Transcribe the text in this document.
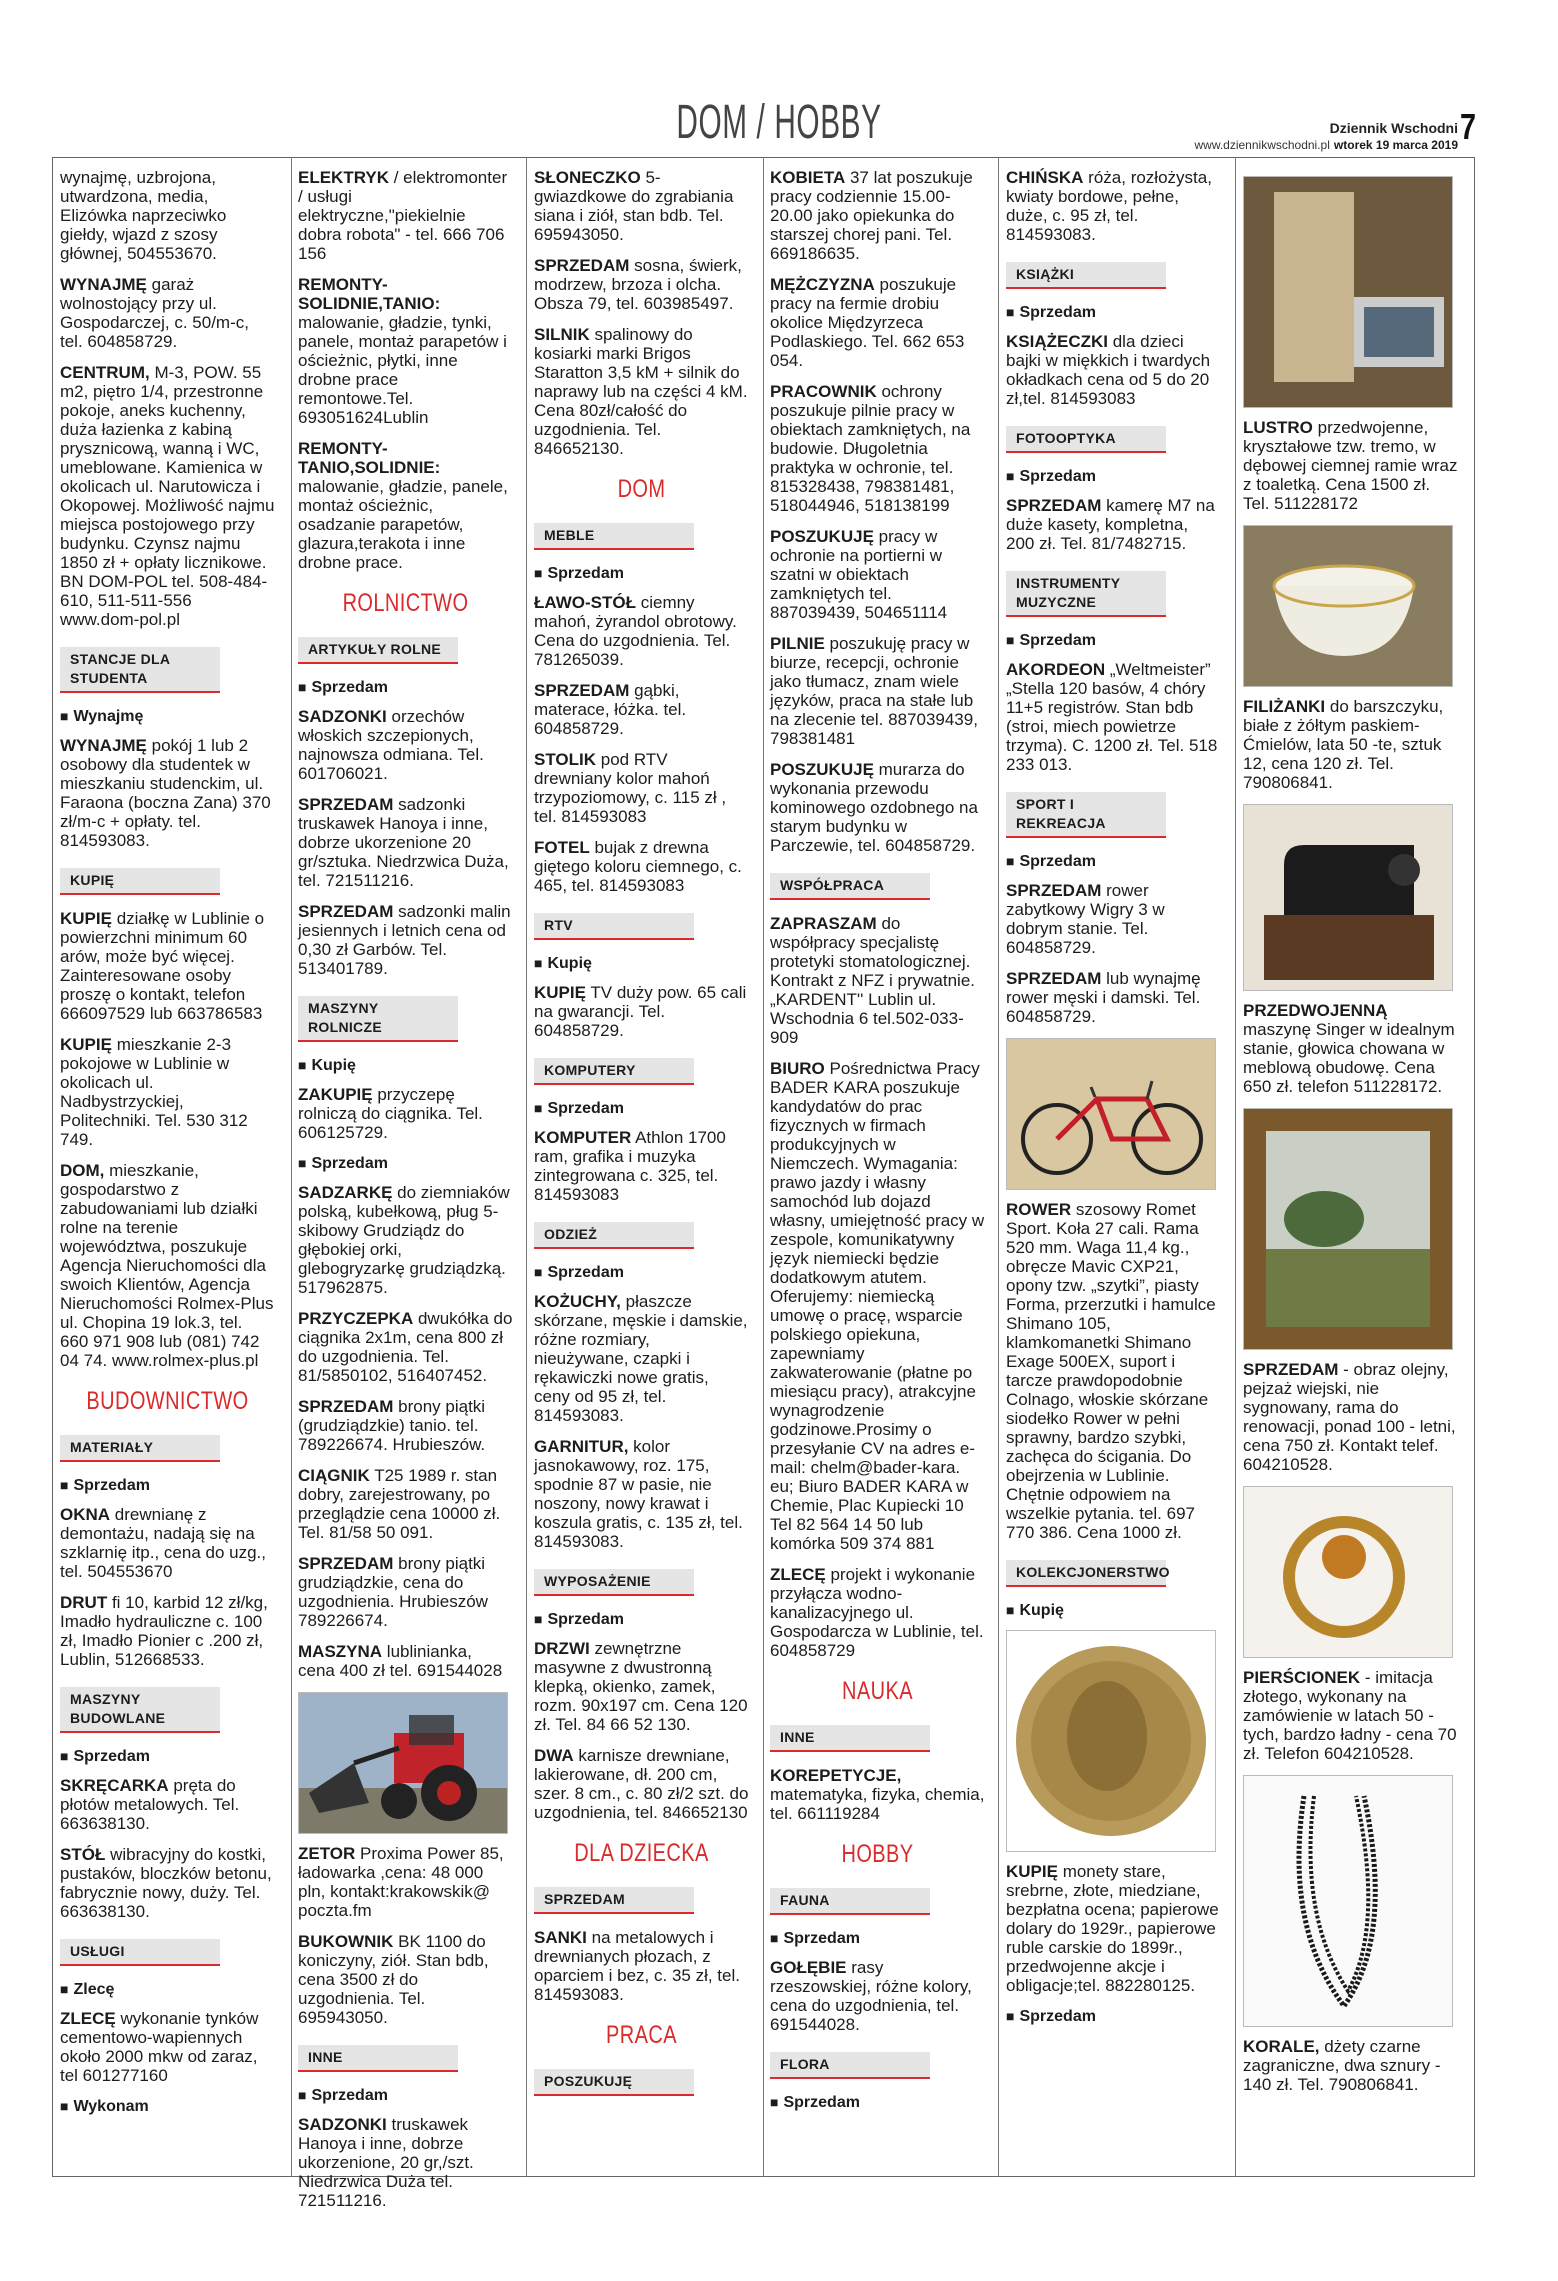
DOM / HOBBY	7
Dziennik Wschodni
www.dziennikwschodni.pl wtorek 19 marca 2019
wynajmę, uzbrojona, utwardzona, media, Elizówka naprzeciwko giełdy, wjazd z szosy głównej, 504553670.
WYNAJMĘ garaż wolnostojący przy ul. Gospodarczej, c. 50/m-c, tel. 604858729.
CENTRUM, M-3, POW. 55 m2, piętro 1/4, przestronne pokoje, aneks kuchenny, duża łazienka z kabiną prysznicową, wanną i WC, umeblowane. Kamienica w okolicach ul. Narutowicza i Okopowej. Możliwość najmu miejsca postojowego przy budynku. Czynsz najmu 1850 zł + opłaty licznikowe. BN DOM-POL tel. 508-484-610, 511-511-556 www.dom-pol.pl
STANCJE DLA STUDENTA
■ Wynajmę
WYNAJMĘ pokój 1 lub 2 osobowy dla studentek w mieszkaniu studenckim, ul. Faraona (boczna Zana) 370 zł/m-c + opłaty. tel. 814593083.
KUPIĘ
KUPIĘ działkę w Lublinie o powierzchni minimum 60 arów, może być więcej. Zainteresowane osoby proszę o kontakt, telefon 666097529 lub 663786583
KUPIĘ mieszkanie 2-3 pokojowe w Lublinie w okolicach ul. Nadbystrzyckiej, Politechniki. Tel. 530 312 749.
DOM, mieszkanie, gospodarstwo z zabudowaniami lub działki rolne na terenie województwa, poszukuje Agencja Nieruchomości dla swoich Klientów, Agencja Nieruchomości Rolmex-Plus ul. Chopina 19 lok.3, tel. 660 971 908 lub (081) 742 04 74. www.rolmex-plus.pl
BUDOWNICTWO
MATERIAŁY
■ Sprzedam
OKNA drewnianę z demontażu, nadają się na szklarnię itp., cena do uzg., tel. 504553670
DRUT fi 10, karbid 12 zł/kg, Imadło hydrauliczne c. 100 zł, Imadło Pionier c .200 zł, Lublin, 512668533.
MASZYNY BUDOWLANE
■ Sprzedam
SKRĘCARKA pręta do płotów metalowych. Tel. 663638130.
STÓŁ wibracyjny do kostki, pustaków, bloczków betonu, fabrycznie nowy, duży. Tel. 663638130.
USŁUGI
■ Zlecę
ZLECĘ wykonanie tynków cementowo-wapiennych około 2000 mkw od zaraz, tel 601277160
■ Wykonam
ELEKTRYK / elektromonter / usługi elektryczne,"piekielnie dobra robota" - tel. 666 706 156
REMONTY-SOLIDNIE,TANIO: malowanie, gładzie, tynki, panele, montaż parapetów i ościeżnic, płytki, inne drobne prace remontowe.Tel. 693051624Lublin
REMONTY-TANIO,SOLIDNIE: malowanie, gładzie, panele, montaż ościeżnic, osadzanie parapetów, glazura,terakota i inne drobne prace.
ROLNICTWO
ARTYKUŁY ROLNE
■ Sprzedam
SADZONKI orzechów włoskich szczepionych, najnowsza odmiana. Tel. 601706021.
SPRZEDAM sadzonki truskawek Hanoya i inne, dobrze ukorzenione 20 gr/sztuka. Niedrzwica Duża, tel. 721511216.
SPRZEDAM sadzonki malin jesiennych i letnich cena od 0,30 zł Garbów. Tel. 513401789.
MASZYNY ROLNICZE
■ Kupię
ZAKUPIĘ przyczepę rolniczą do ciągnika. Tel. 606125729.
■ Sprzedam
SADZARKĘ do ziemniaków polską, kubełkową, pług 5-skibowy Grudziądz do głębokiej orki, glebogryzarkę grudziądzką. 517962875.
PRZYCZEPKA dwukółka do ciągnika 2x1m, cena 800 zł do uzgodnienia. Tel. 81/5850102, 516407452.
SPRZEDAM brony piątki (grudziądzkie) tanio. tel. 789226674. Hrubieszów.
CIĄGNIK T25 1989 r. stan dobry, zarejestrowany, po przeglądzie cena 10000 zł. Tel. 81/58 50 091.
SPRZEDAM brony piątki grudziądzkie, cena do uzgodnienia. Hrubieszów 789226674.
MASZYNA lublinianka, cena 400 zł tel. 691544028
ZETOR Proxima Power 85, ładowarka ,cena: 48 000 pln, kontakt:krakowskik@ poczta.fm
BUKOWNIK BK 1100 do koniczyny, ziół. Stan bdb, cena 3500 zł do uzgodnienia. Tel. 695943050.
INNE
■ Sprzedam
SADZONKI truskawek Hanoya i inne, dobrze ukorzenione, 20 gr,/szt. Niedrzwica Duża tel. 721511216.
SŁONECZKO 5-gwiazdkowe do zgrabiania siana i ziół, stan bdb. Tel. 695943050.
SPRZEDAM sosna, świerk, modrzew, brzoza i olcha. Obsza 79, tel. 603985497.
SILNIK spalinowy do kosiarki marki Brigos Staratton 3,5 kM + silnik do naprawy lub na części 4 kM. Cena 80zł/całość do uzgodnienia. Tel. 846652130.
DOM
MEBLE
■ Sprzedam
ŁAWO-STÓŁ ciemny mahoń, żyrandol obrotowy. Cena do uzgodnienia. Tel. 781265039.
SPRZEDAM gąbki, materace, łóżka. tel. 604858729.
STOLIK pod RTV drewniany kolor mahoń trzypoziomowy, c. 115 zł , tel. 814593083
FOTEL bujak z drewna giętego koloru ciemnego, c. 465, tel. 814593083
RTV
■ Kupię
KUPIĘ TV duży pow. 65 cali na gwarancji. Tel. 604858729.
KOMPUTERY
■ Sprzedam
KOMPUTER Athlon 1700 ram, grafika i muzyka zintegrowana c. 325, tel. 814593083
ODZIEŻ
■ Sprzedam
KOŻUCHY, płaszcze skórzane, męskie i damskie, różne rozmiary, nieużywane, czapki i rękawiczki nowe gratis, ceny od 95 zł, tel. 814593083.
GARNITUR, kolor jasnokawowy, roz. 175, spodnie 87 w pasie, nie noszony, nowy krawat i koszula gratis, c. 135 zł, tel. 814593083.
WYPOSAŻENIE
■ Sprzedam
DRZWI zewnętrzne masywne z dwustronną klepką, okienko, zamek, rozm. 90x197 cm. Cena 120 zł. Tel. 84 66 52 130.
DWA karnisze drewniane, lakierowane, dł. 200 cm, szer. 8 cm., c. 80 zł/2 szt. do uzgodnienia, tel. 846652130
DLA DZIECKA
SPRZEDAM
SANKI na metalowych i drewnianych płozach, z oparciem i bez, c. 35 zł, tel. 814593083.
PRACA
POSZUKUJĘ
KOBIETA 37 lat poszukuje pracy codziennie 15.00-20.00 jako opiekunka do starszej chorej pani. Tel. 669186635.
MĘŻCZYZNA poszukuje pracy na fermie drobiu okolice Międzyrzeca Podlaskiego. Tel. 662 653 054.
PRACOWNIK ochrony poszukuje pilnie pracy w obiektach zamkniętych, na budowie. Długoletnia praktyka w ochronie, tel. 815328438, 798381481, 518044946, 518138199
POSZUKUJĘ pracy w ochronie na portierni w szatni w obiektach zamkniętych tel. 887039439, 504651114
PILNIE poszukuję pracy w biurze, recepcji, ochronie jako tłumacz, znam wiele języków, praca na stałe lub na zlecenie tel. 887039439, 798381481
POSZUKUJĘ murarza do wykonania przewodu kominowego ozdobnego na starym budynku w Parczewie, tel. 604858729.
WSPÓŁPRACA
ZAPRASZAM do współpracy specjalistę protetyki stomatologicznej. Kontrakt z NFZ i prywatnie. „KARDENT'' Lublin ul. Wschodnia 6 tel.502-033-909
BIURO Pośrednictwa Pracy BADER KARA poszukuje kandydatów do prac fizycznych w firmach produkcyjnych w Niemczech. Wymagania: prawo jazdy i własny samochód lub dojazd własny, umiejętność pracy w zespole, komunikatywny język niemiecki będzie dodatkowym atutem. Oferujemy: niemiecką umowę o pracę, wsparcie polskiego opiekuna, zapewniamy zakwaterowanie (płatne po miesiącu pracy), atrakcyjne wynagrodzenie godzinowe.Prosimy o przesyłanie CV na adres e-mail: chelm@bader-kara. eu; Biuro BADER KARA w Chemie, Plac Kupiecki 10 Tel 82 564 14 50 lub komórka 509 374 881
ZLECĘ projekt i wykonanie przyłącza wodno-kanalizacyjnego ul. Gospodarcza w Lublinie, tel. 604858729
NAUKA
INNE
KOREPETYCJE, matematyka, fizyka, chemia, tel. 661119284
HOBBY
FAUNA
■ Sprzedam
GOŁĘBIE rasy rzeszowskiej, różne kolory, cena do uzgodnienia, tel. 691544028.
FLORA
■ Sprzedam
CHIŃSKA róża, rozłożysta, kwiaty bordowe, pełne, duże, c. 95 zł, tel. 814593083.
KSIĄŻKI
■ Sprzedam
KSIĄŻECZKI dla dzieci bajki w miękkich i twardych okładkach cena od 5 do 20 zł,tel. 814593083
FOTOOPTYKA
■ Sprzedam
SPRZEDAM kamerę M7 na duże kasety, kompletna, 200 zł. Tel. 81/7482715.
INSTRUMENTY MUZYCZNE
■ Sprzedam
AKORDEON „Weltmeister” „Stella 120 basów, 4 chóry 11+5 registrów. Stan bdb (stroi, miech powietrze trzyma). C. 1200 zł. Tel. 518 233 013.
SPORT I REKREACJA
■ Sprzedam
SPRZEDAM rower zabytkowy Wigry 3 w dobrym stanie. Tel. 604858729.
SPRZEDAM lub wynajmę rower męski i damski. Tel. 604858729.
ROWER szosowy Romet Sport. Koła 27 cali. Rama 520 mm. Waga 11,4 kg., obręcze Mavic CXP21, opony tzw. „szytki”, piasty Forma, przerzutki i hamulce Shimano 105, klamkomanetki Shimano Exage 500EX, suport i tarcze prawdopodobnie Colnago, włoskie skórzane siodełko Rower w pełni sprawny, bardzo szybki, zachęca do ścigania. Do obejrzenia w Lublinie. Chętnie odpowiem na wszelkie pytania. tel. 697 770 386. Cena 1000 zł.
KOLEKCJONERSTWO
■ Kupię
KUPIĘ monety stare, srebrne, złote, miedziane, bezpłatna ocena; papierowe dolary do 1929r., papierowe ruble carskie do 1899r., przedwojenne akcje i obligacje;tel. 882280125.
■ Sprzedam
LUSTRO przedwojenne, kryształowe tzw. tremo, w dębowej ciemnej ramie wraz z toaletką. Cena 1500 zł. Tel. 511228172
FILIŻANKI do barszczyku, białe z żółtym paskiem-Ćmielów, lata 50 -te, sztuk 12, cena 120 zł. Tel. 790806841.
PRZEDWOJENNĄ maszynę Singer w idealnym stanie, głowica chowana w meblową obudowę. Cena 650 zł. telefon 511228172.
SPRZEDAM - obraz olejny, pejzaż wiejski, nie sygnowany, rama do renowacji, ponad 100 - letni, cena 750 zł. Kontakt telef. 604210528.
PIERŚCIONEK - imitacja złotego, wykonany na zamówienie w latach 50 -tych, bardzo ładny - cena 70 zł. Telefon 604210528.
KORALE, dżety czarne zagraniczne, dwa sznury - 140 zł. Tel. 790806841.
